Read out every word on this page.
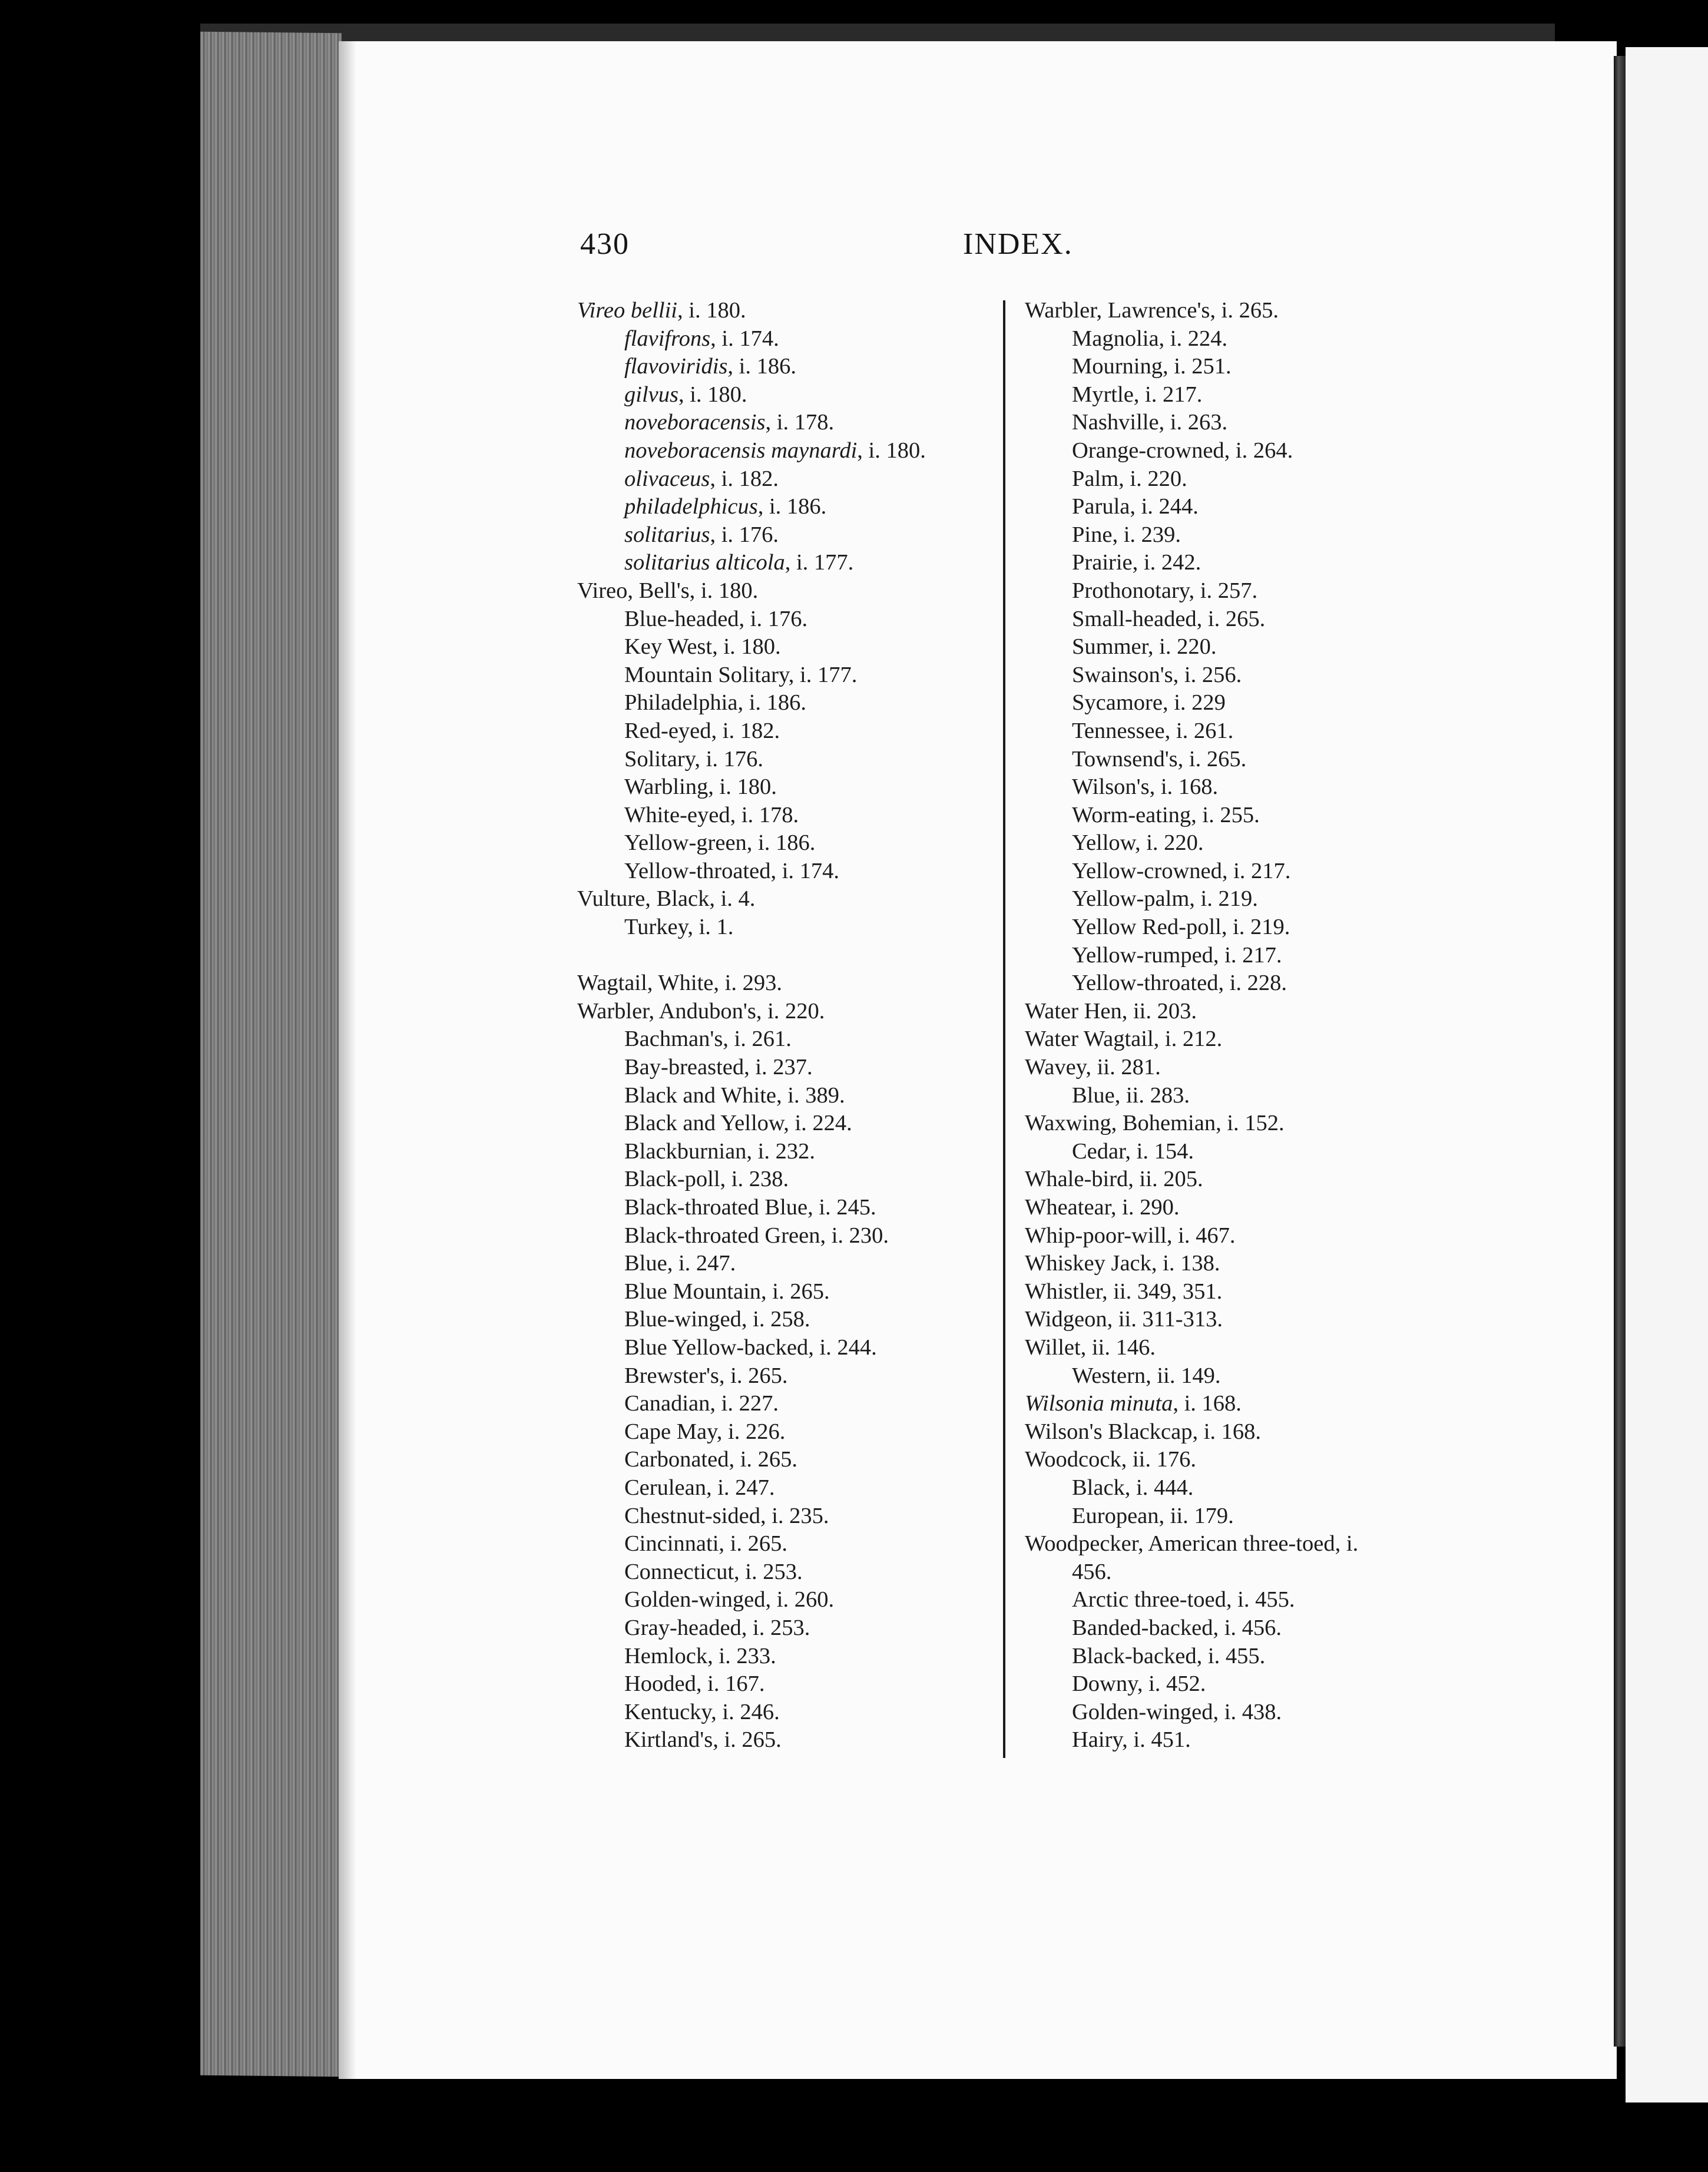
430	INDEX.
Vireo bellii, i. 180.
flavifrons, i. 174.
flavoviridis, i. 186.
gilvus, i. 180.
noveboracensis, i. 178.
noveboracensis maynardi, i. 180.
olivaceus, i. 182.
philadelphicus, i. 186.
solitarius, i. 176.
solitarius alticola, i. 177.
Vireo, Bell's, i. 180.
Blue-headed, i. 176.
Key West, i. 180.
Mountain Solitary, i. 177.
Philadelphia, i. 186.
Red-eyed, i. 182.
Solitary, i. 176.
Warbling, i. 180.
White-eyed, i. 178.
Yellow-green, i. 186.
Yellow-throated, i. 174.
Vulture, Black, i. 4.
Turkey, i. 1.

Wagtail, White, i. 293.
Warbler, Andubon's, i. 220.
Bachman's, i. 261.
Bay-breasted, i. 237.
Black and White, i. 389.
Black and Yellow, i. 224.
Blackburnian, i. 232.
Black-poll, i. 238.
Black-throated Blue, i. 245.
Black-throated Green, i. 230.
Blue, i. 247.
Blue Mountain, i. 265.
Blue-winged, i. 258.
Blue Yellow-backed, i. 244.
Brewster's, i. 265.
Canadian, i. 227.
Cape May, i. 226.
Carbonated, i. 265.
Cerulean, i. 247.
Chestnut-sided, i. 235.
Cincinnati, i. 265.
Connecticut, i. 253.
Golden-winged, i. 260.
Gray-headed, i. 253.
Hemlock, i. 233.
Hooded, i. 167.
Kentucky, i. 246.
Kirtland's, i. 265.
Warbler, Lawrence's, i. 265.
Magnolia, i. 224.
Mourning, i. 251.
Myrtle, i. 217.
Nashville, i. 263.
Orange-crowned, i. 264.
Palm, i. 220.
Parula, i. 244.
Pine, i. 239.
Prairie, i. 242.
Prothonotary, i. 257.
Small-headed, i. 265.
Summer, i. 220.
Swainson's, i. 256.
Sycamore, i. 229
Tennessee, i. 261.
Townsend's, i. 265.
Wilson's, i. 168.
Worm-eating, i. 255.
Yellow, i. 220.
Yellow-crowned, i. 217.
Yellow-palm, i. 219.
Yellow Red-poll, i. 219.
Yellow-rumped, i. 217.
Yellow-throated, i. 228.
Water Hen, ii. 203.
Water Wagtail, i. 212.
Wavey, ii. 281.
Blue, ii. 283.
Waxwing, Bohemian, i. 152.
Cedar, i. 154.
Whale-bird, ii. 205.
Wheatear, i. 290.
Whip-poor-will, i. 467.
Whiskey Jack, i. 138.
Whistler, ii. 349, 351.
Widgeon, ii. 311-313.
Willet, ii. 146.
Western, ii. 149.
Wilsonia minuta, i. 168.
Wilson's Blackcap, i. 168.
Woodcock, ii. 176.
Black, i. 444.
European, ii. 179.
Woodpecker, American three-toed, i.
456.
Arctic three-toed, i. 455.
Banded-backed, i. 456.
Black-backed, i. 455.
Downy, i. 452.
Golden-winged, i. 438.
Hairy, i. 451.
